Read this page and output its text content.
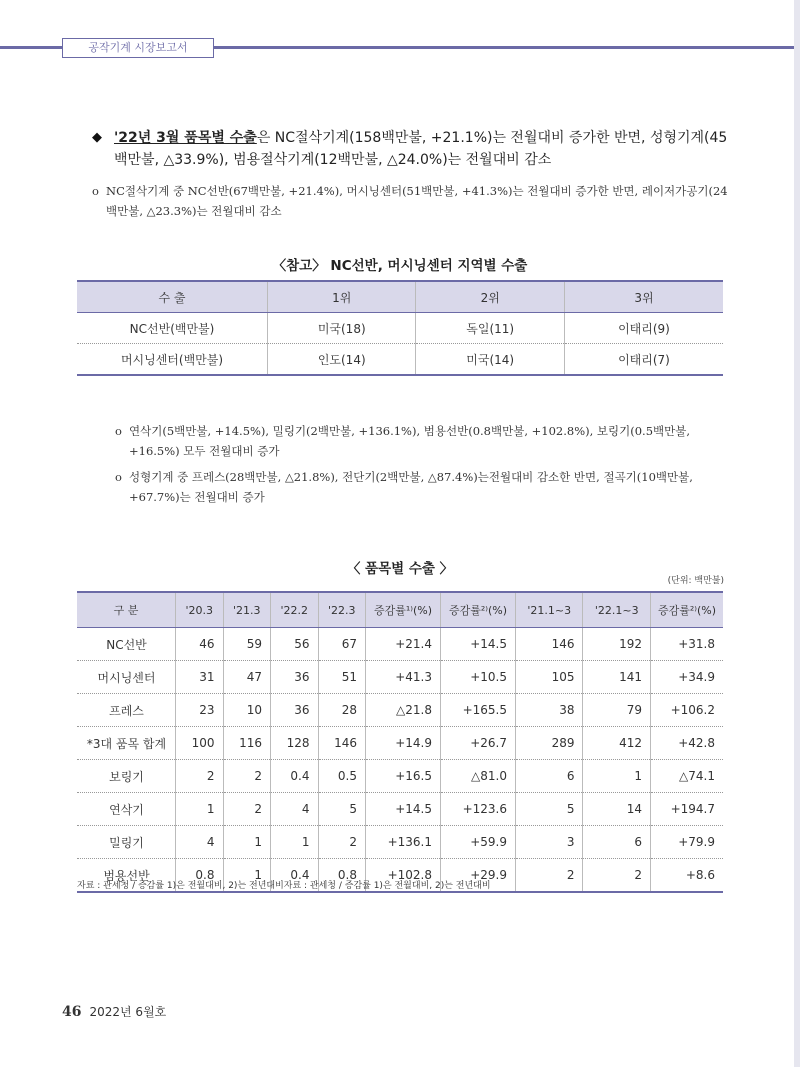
공작기계 시장보고서
◆ '22년 3월 품목별 수출은 NC절삭기계(158백만불, +21.1%)는 전월대비 증가한 반면, 성형기계(45백만불, △33.9%), 범용절삭기계(12백만불, △24.0%)는 전월대비 감소
o NC절삭기계 중 NC선반(67백만불, +21.4%), 머시닝센터(51백만불, +41.3%)는 전월대비 증가한 반면, 레이저가공기(24백만불, △23.3%)는 전월대비 감소
〈참고〉 NC선반, 머시닝센터 지역별 수출
수 출	1위	2위	3위
NC선반(백만불)	미국(18)	독일(11)	이태리(9)
머시닝센터(백만불)	인도(14)	미국(14)	이태리(7)
o 연삭기(5백만불, +14.5%), 밀링기(2백만불, +136.1%), 범용선반(0.8백만불, +102.8%), 보링기(0.5백만불, +16.5%) 모두 전월대비 증가
o 성형기계 중 프레스(28백만불, △21.8%), 전단기(2백만불, △87.4%)는전월대비 감소한 반면, 절곡기(10백만불, +67.7%)는 전월대비 증가
〈 품목별 수출 〉
(단위: 백만불)
구 분	'20.3	'21.3	'22.2	'22.3	증감률¹⁾(%)	증감률²⁾(%)	'21.1~3	'22.1~3	증감률²⁾(%)
NC선반	46	59	56	67	+21.4	+14.5	146	192	+31.8
머시닝센터	31	47	36	51	+41.3	+10.5	105	141	+34.9
프레스	23	10	36	28	△21.8	+165.5	38	79	+106.2
*3대 품목 합계	100	116	128	146	+14.9	+26.7	289	412	+42.8
보링기	2	2	0.4	0.5	+16.5	△81.0	6	1	△74.1
연삭기	1	2	4	5	+14.5	+123.6	5	14	+194.7
밀링기	4	1	1	2	+136.1	+59.9	3	6	+79.9
범용선반	0.8	1	0.4	0.8	+102.8	+29.9	2	2	+8.6
자료 : 관세청 / 증감률 1)은 전월대비, 2)는 전년대비자료 : 관세청 / 증감률 1)은 전월대비, 2)는 전년대비
46 2022년 6월호
